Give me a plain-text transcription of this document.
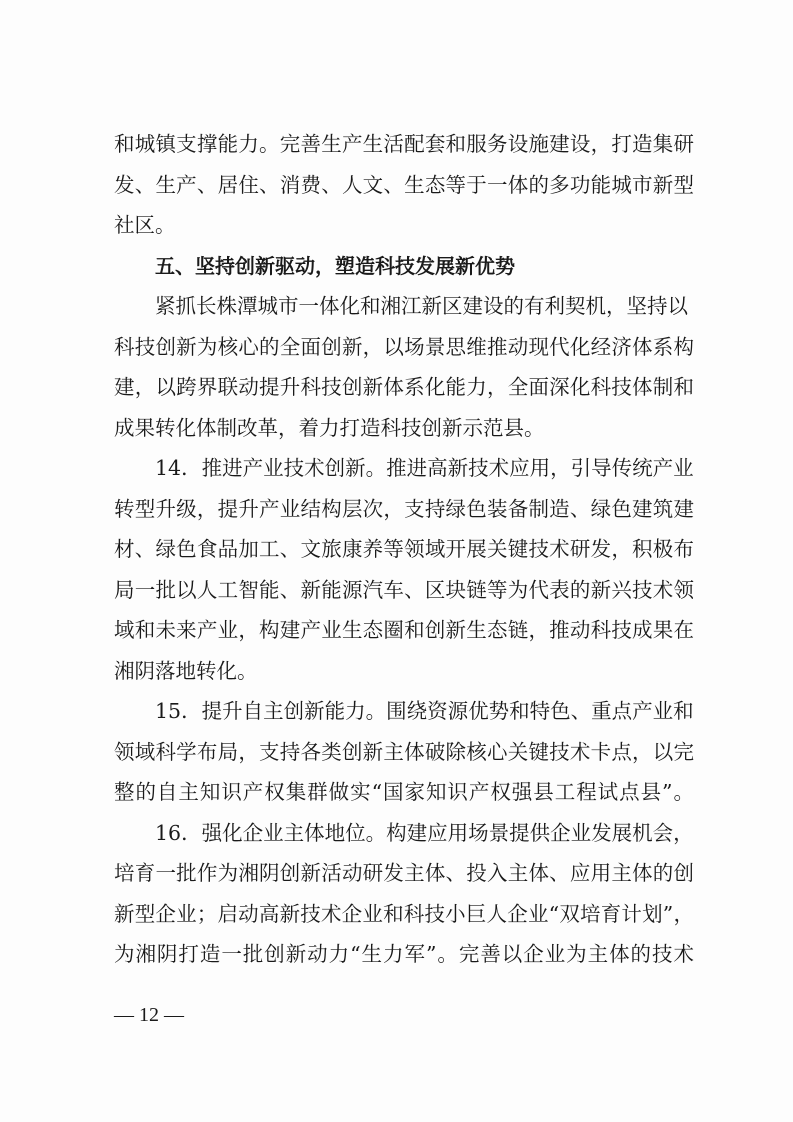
和城镇支撑能力。完善生产生活配套和服务设施建设，打造集研
发、生产、居住、消费、人文、生态等于一体的多功能城市新型
社区。
五、坚持创新驱动，塑造科技发展新优势
紧抓长株潭城市一体化和湘江新区建设的有利契机，坚持以
科技创新为核心的全面创新，以场景思维推动现代化经济体系构
建，以跨界联动提升科技创新体系化能力，全面深化科技体制和
成果转化体制改革，着力打造科技创新示范县。
14．推进产业技术创新。推进高新技术应用，引导传统产业
转型升级，提升产业结构层次，支持绿色装备制造、绿色建筑建
材、绿色食品加工、文旅康养等领域开展关键技术研发，积极布
局一批以人工智能、新能源汽车、区块链等为代表的新兴技术领
域和未来产业，构建产业生态圈和创新生态链，推动科技成果在
湘阴落地转化。
15．提升自主创新能力。围绕资源优势和特色、重点产业和
领域科学布局，支持各类创新主体破除核心关键技术卡点，以完
整的自主知识产权集群做实“国家知识产权强县工程试点县”。
16．强化企业主体地位。构建应用场景提供企业发展机会，
培育一批作为湘阴创新活动研发主体、投入主体、应用主体的创
新型企业；启动高新技术企业和科技小巨人企业“双培育计划”，
为湘阴打造一批创新动力“生力军”。完善以企业为主体的技术
— 12 —
